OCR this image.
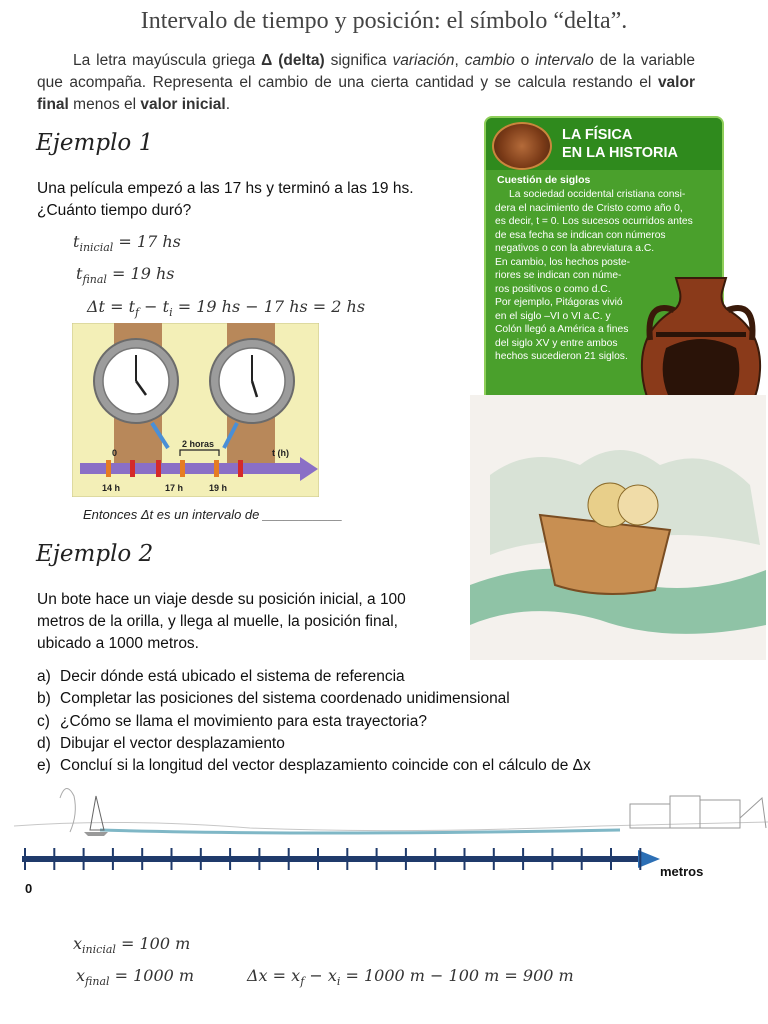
Intervalo de tiempo y posición: el símbolo “delta”.
La letra mayúscula griega Δ (delta) significa variación, cambio o intervalo de la variable que acompaña. Representa el cambio de una cierta cantidad y se calcula restando el valor final menos el valor inicial.
Ejemplo 1
Una película empezó a las 17 hs y terminó a las 19 hs. ¿Cuánto tiempo duró?
$t_{inicial} = 17$ hs
$t_{final} = 19$ hs
$\Delta t = t_f - t_i = 19$ hs − 17 hs = 2 hs
2 horas
t (h)
0
14 h	17 h	19 h
Entonces Δt es un intervalo de ___________
LA FÍSICA
EN LA HISTORIA
Cuestión de siglos
La sociedad occidental cristiana consi-
dera el nacimiento de Cristo como año 0,
es decir, t = 0. Los sucesos ocurridos antes
de esa fecha se indican con números
negativos o con la abreviatura a.C.
En cambio, los hechos poste-
riores se indican con núme-
ros positivos o como d.C.
Por ejemplo, Pitágoras vivió
en el siglo –VI o VI a.C. y
Colón llegó a América a fines
del siglo XV y entre ambos
hechos sucedieron 21 siglos.
Ejemplo 2
Un bote hace un viaje desde su posición inicial, a 100 metros de la orilla, y llega al muelle, la posición final, ubicado a 1000 metros.
a) Decir dónde está ubicado el sistema de referencia
b) Completar las posiciones del sistema coordenado unidimensional
c) ¿Cómo se llama el movimiento para esta trayectoria?
d) Dibujar el vector desplazamiento
e) Concluí si la longitud del vector desplazamiento coincide con el cálculo de Δx
0
metros
$x_{inicial} = 100$ m
$x_{final} = 1000$ m	$\Delta x = x_f - x_i = 1000$ m − 100 m = 900 m
